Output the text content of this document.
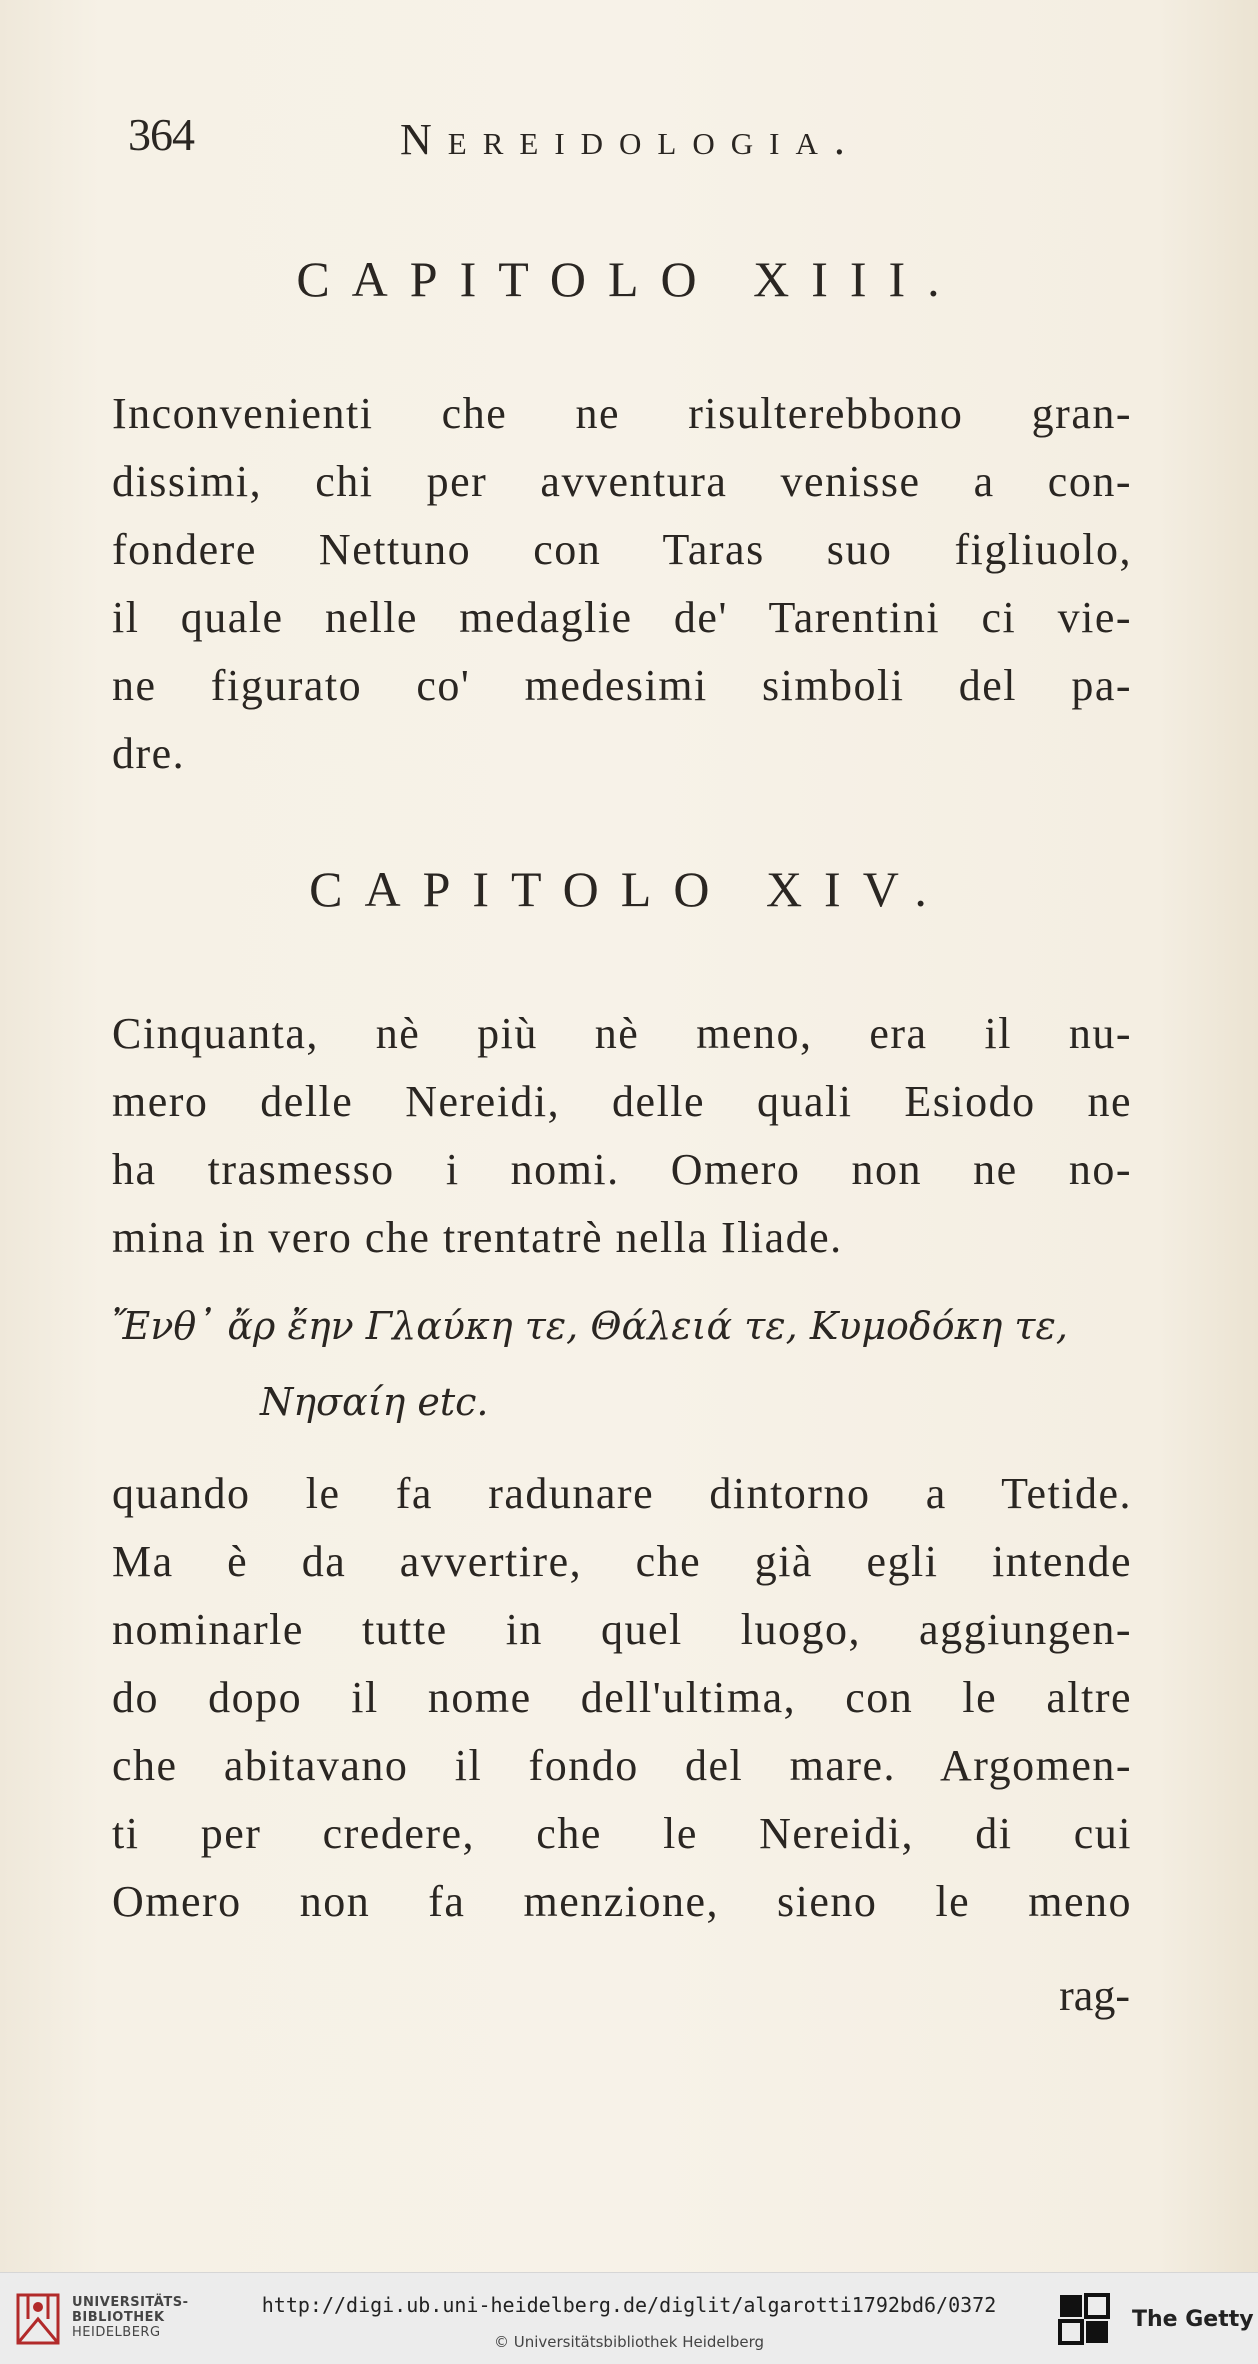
364	Nereidologia.
CAPITOLO XIII.
Inconvenienti che ne risulterebbono gran-
dissimi, chi per avventura venisse a con-
fondere Nettuno con Taras suo figliuolo,
il quale nelle medaglie de' Tarentini ci vie-
ne figurato co' medesimi simboli del pa-
dre.
CAPITOLO XIV.
Cinquanta, nè più nè meno, era il nu-
mero delle Nereidi, delle quali Esiodo ne
ha trasmesso i nomi. Omero non ne no-
mina in vero che trentatrè nella Iliade.
Ἔνθ᾽ ἄρ ἔην Γλαύκη τε, Θάλειά τε, Κυμοδόκη τε,
Νησαίη etc.
quando le fa radunare dintorno a Tetide.
Ma è da avvertire, che già egli intende
nominarle tutte in quel luogo, aggiungen-
do dopo il nome dell'ultima, con le altre
che abitavano il fondo del mare. Argomen-
ti per credere, che le Nereidi, di cui
Omero non fa menzione, sieno le meno
rag-
UNIVERSITÄTS-
BIBLIOTHEK
HEIDELBERG
http://digi.ub.uni-heidelberg.de/diglit/algarotti1792bd6/0372
© Universitätsbibliothek Heidelberg
The Getty
